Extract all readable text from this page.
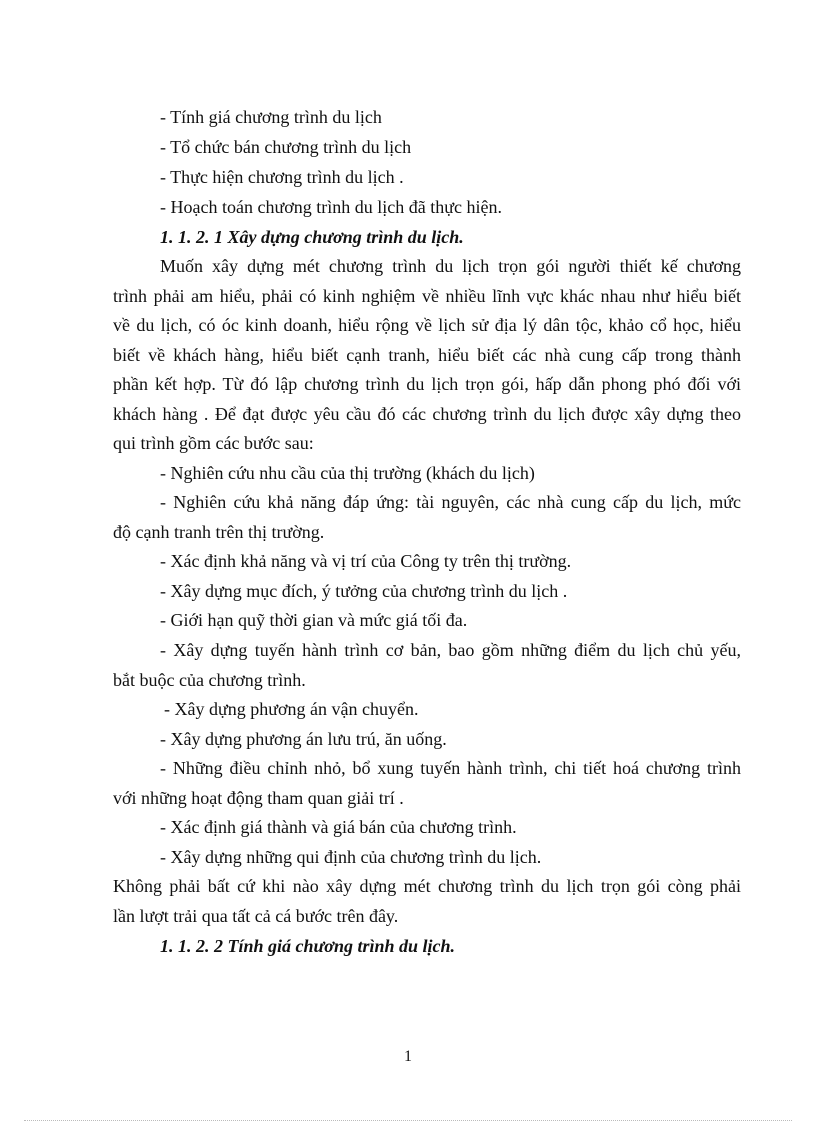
- Tính giá chương trình du lịch
- Tổ chức bán chương trình du lịch
- Thực hiện chương trình du lịch .
- Hoạch toán chương trình du lịch đã thực hiện.
1. 1. 2. 1 Xây dựng chương trình du lịch.
Muốn xây dựng mét chương trình du lịch trọn gói người thiết kế chương
trình phải am hiểu, phải có kinh nghiệm về nhiều lĩnh vực khác nhau như hiểu biết
về du lịch, có óc kinh doanh, hiểu rộng về lịch sử địa lý dân tộc, khảo cổ học, hiểu
biết về khách hàng, hiểu biết cạnh tranh, hiểu biết các nhà cung cấp trong thành
phần kết hợp. Từ đó lập chương trình du lịch trọn gói, hấp dẫn phong phó đối với
khách hàng . Để đạt được yêu cầu đó các chương trình du lịch được xây dựng theo
qui trình gồm các bước sau:
- Nghiên cứu nhu cầu của thị trường (khách du lịch)
- Nghiên cứu khả năng đáp ứng: tài nguyên, các nhà cung cấp du lịch, mức
độ cạnh tranh trên thị trường.
- Xác định khả năng và vị trí của Công ty trên thị trường.
- Xây dựng mục đích, ý tưởng của chương trình du lịch .
- Giới hạn quỹ thời gian và mức giá tối đa.
- Xây dựng tuyến hành trình cơ bản, bao gồm những điểm du lịch chủ yếu,
bắt buộc của chương trình.
- Xây dựng phương án vận chuyển.
- Xây dựng phương án lưu trú, ăn uống.
- Những điều chỉnh nhỏ, bổ xung tuyến hành trình, chi tiết hoá chương trình
với những hoạt động tham quan giải trí .
- Xác định giá thành và giá bán của chương trình.
- Xây dựng những qui định của chương trình du lịch.
Không phải bất cứ khi nào xây dựng mét chương trình du lịch trọn gói còng phải
lần lượt trải qua tất cả cá bước trên đây.
1. 1. 2. 2 Tính giá chương trình du lịch.
1
